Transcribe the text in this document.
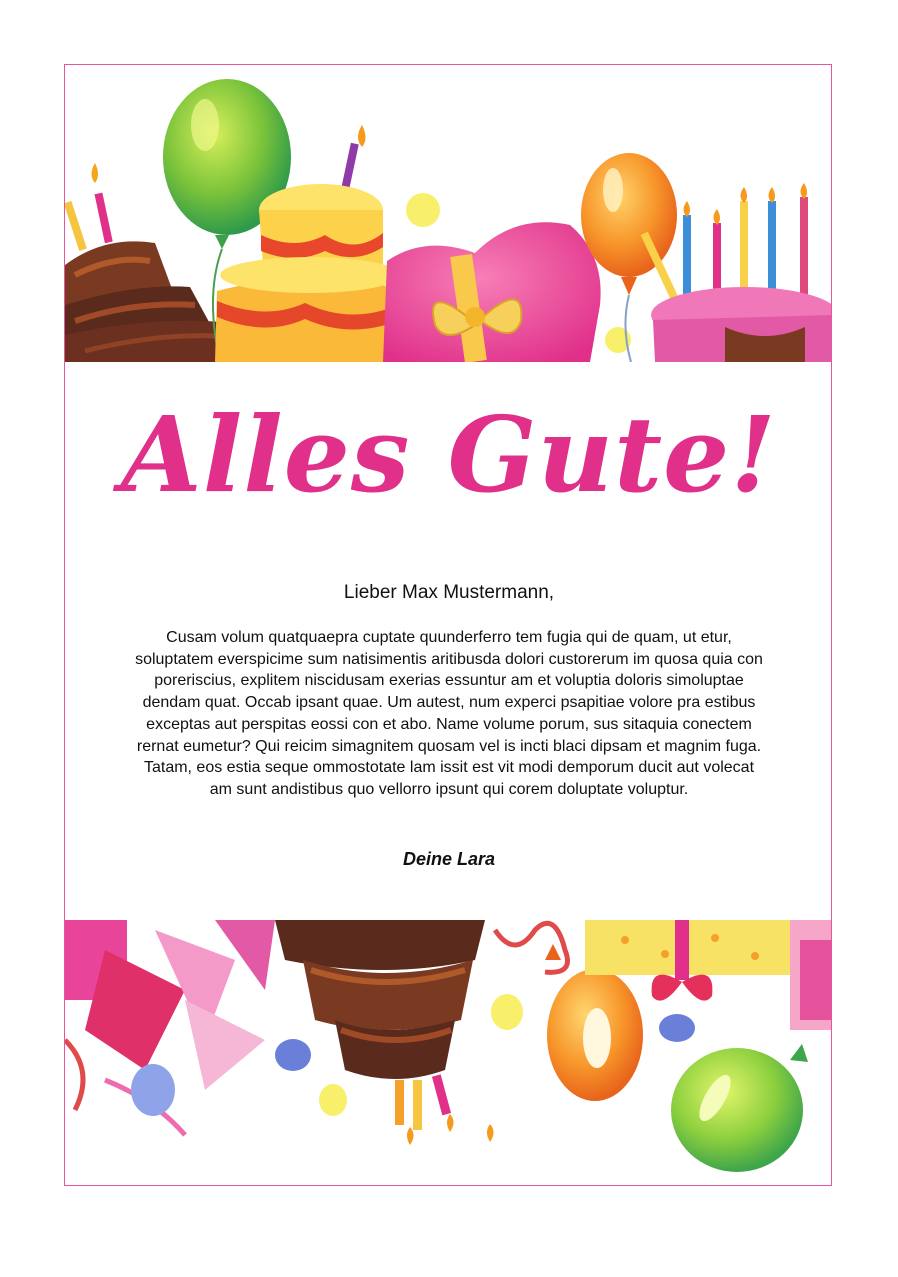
Alles Gute!
Lieber Max Mustermann,
Cusam volum quatquaepra cuptate quunderferro tem fugia qui de quam, ut etur, soluptatem everspicime sum natisimentis aritibusda dolori custorerum im quosa quia con poreriscius, explitem niscidusam exerias essuntur am et voluptia doloris simoluptae dendam quat. Occab ipsant quae. Um autest, num experci psapitiae volore pra estibus exceptas aut perspitas eossi con et abo. Name volume porum, sus sitaquia conectem rernat eumetur? Qui reicim simagnitem quosam vel is incti blaci dipsam et magnim fuga. Tatam, eos estia seque ommostotate lam issit est vit modi demporum ducit aut volecat am sunt andistibus quo vellorro ipsunt qui corem doluptate voluptur.
Deine Lara
